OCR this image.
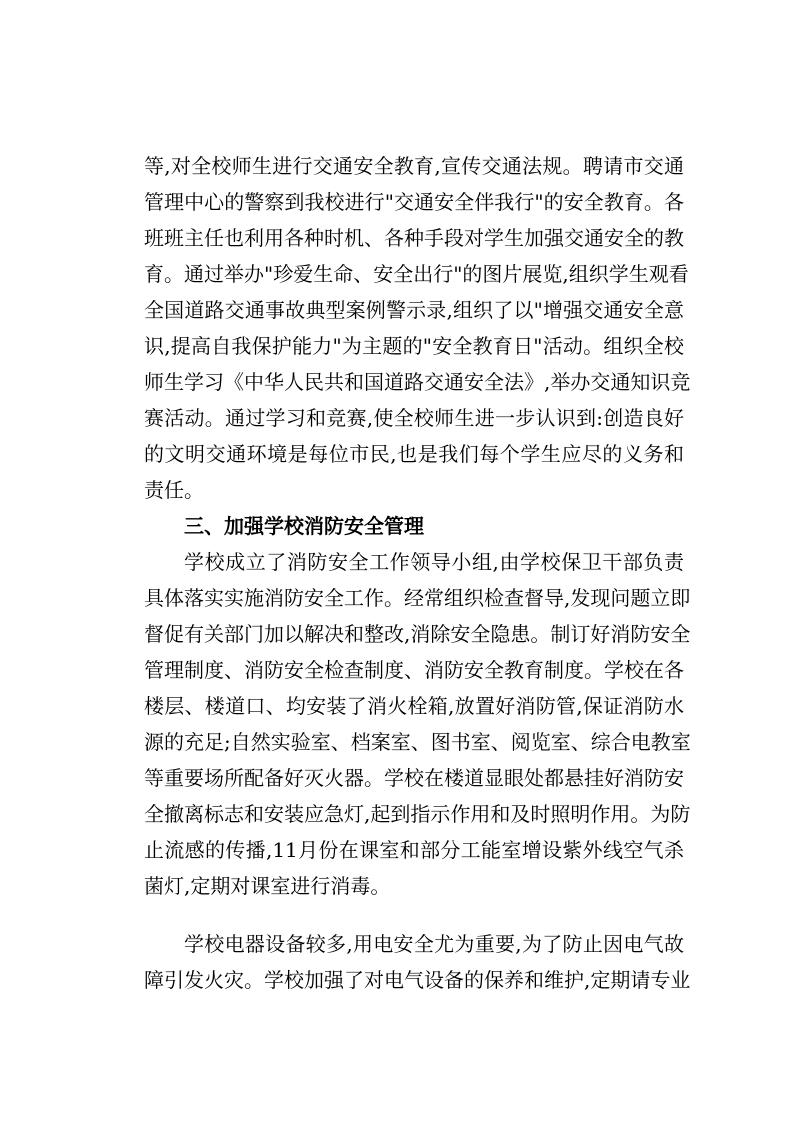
等,对全校师生进行交通安全教育,宣传交通法规。聘请市交通
管理中心的警察到我校进行"交通安全伴我行"的安全教育。各
班班主任也利用各种时机、各种手段对学生加强交通安全的教
育。通过举办"珍爱生命、安全出行"的图片展览,组织学生观看
全国道路交通事故典型案例警示录,组织了以"增强交通安全意
识,提高自我保护能力"为主题的"安全教育日"活动。组织全校
师生学习《中华人民共和国道路交通安全法》,举办交通知识竞
赛活动。通过学习和竞赛,使全校师生进一步认识到:创造良好
的文明交通环境是每位市民,也是我们每个学生应尽的义务和
责任。
三、加强学校消防安全管理
学校成立了消防安全工作领导小组,由学校保卫干部负责
具体落实实施消防安全工作。经常组织检查督导,发现问题立即
督促有关部门加以解决和整改,消除安全隐患。制订好消防安全
管理制度、消防安全检查制度、消防安全教育制度。学校在各
楼层、楼道口、均安装了消火栓箱,放置好消防管,保证消防水
源的充足;自然实验室、档案室、图书室、阅览室、综合电教室
等重要场所配备好灭火器。学校在楼道显眼处都悬挂好消防安
全撤离标志和安装应急灯,起到指示作用和及时照明作用。为防
止流感的传播,11月份在课室和部分工能室增设紫外线空气杀
菌灯,定期对课室进行消毒。
学校电器设备较多,用电安全尤为重要,为了防止因电气故
障引发火灾。学校加强了对电气设备的保养和维护,定期请专业
